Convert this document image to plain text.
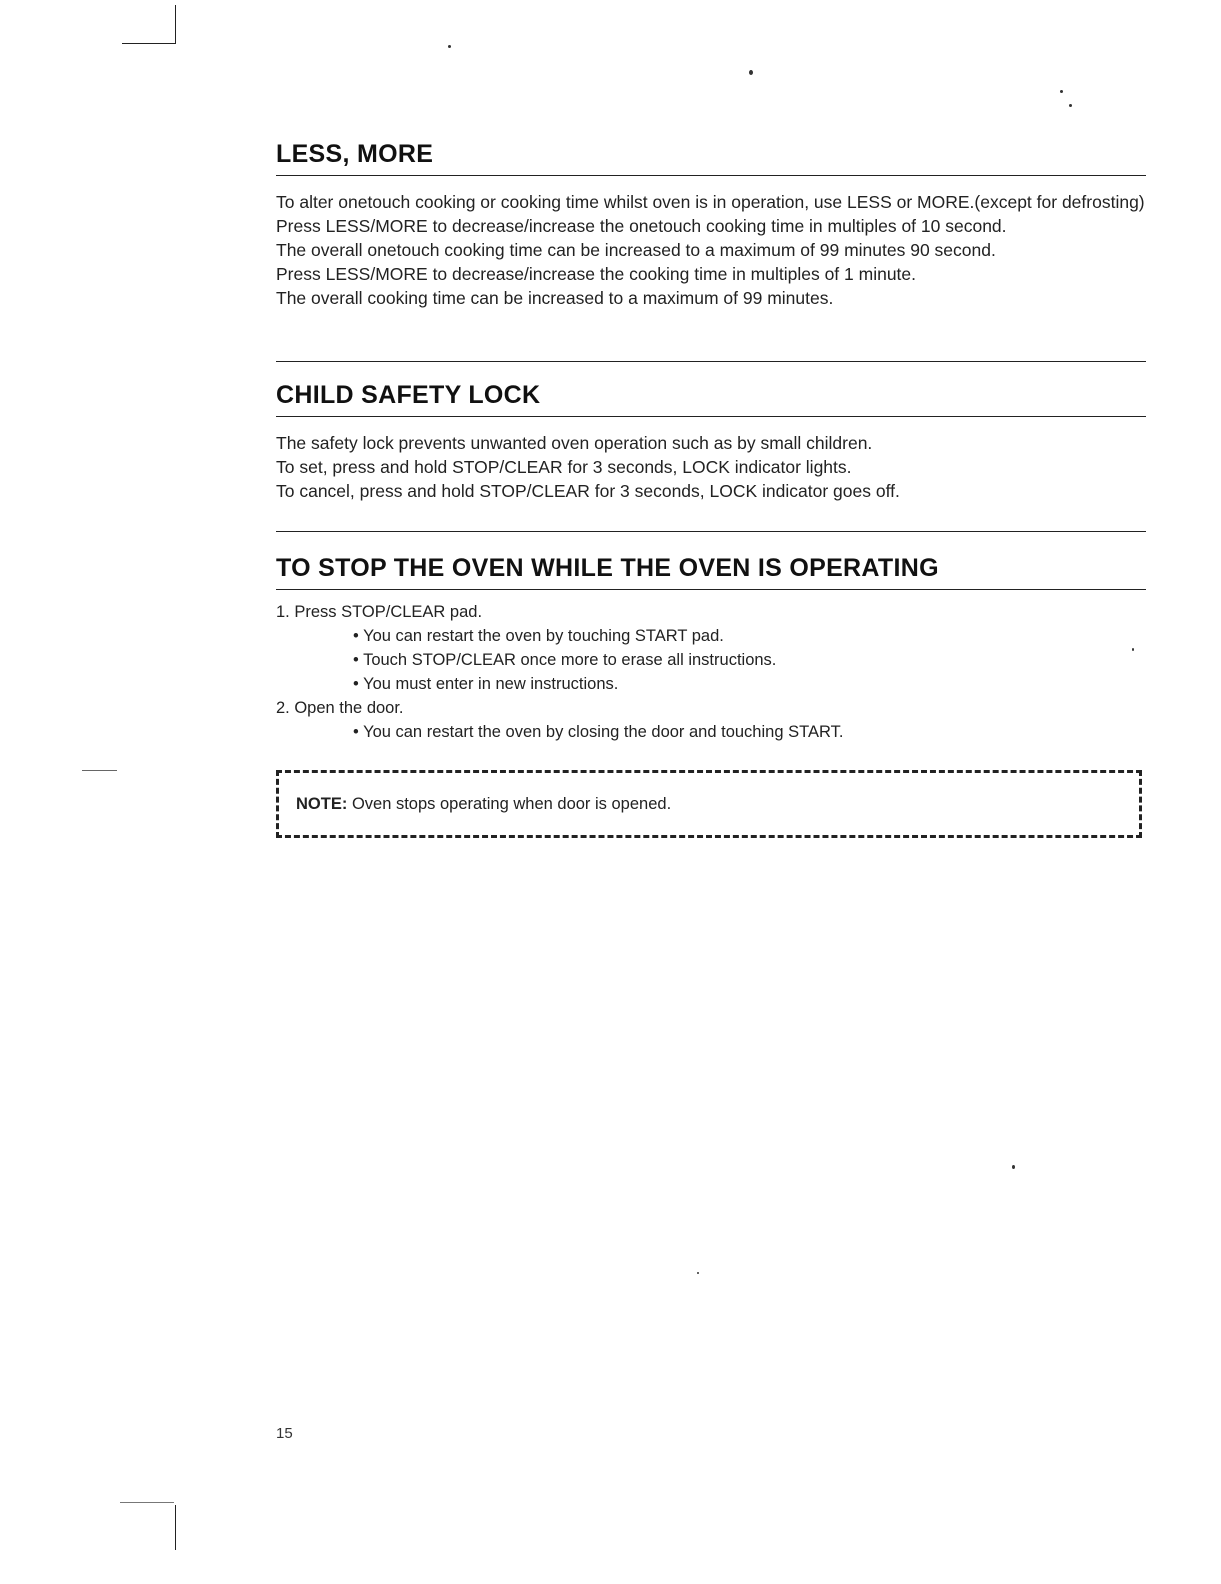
LESS, MORE

To alter onetouch cooking or cooking time whilst oven is in operation, use LESS or MORE.(except for defrosting) Press LESS/MORE to decrease/increase the onetouch cooking time in multiples of 10 second.

The overall onetouch cooking time can be increased to a maximum of 99 minutes 90 second.

Press LESS/MORE to decrease/increase the cooking time in multiples of 1 minute.

The overall cooking time can be increased to a maximum of 99 minutes.

CHILD SAFETY LOCK

The safety lock prevents unwanted oven operation such as by small children.

To set, press and hold STOP/CLEAR for 3 seconds, LOCK indicator lights.

To cancel, press and hold STOP/CLEAR for 3 seconds, LOCK indicator goes off.

TO STOP THE OVEN WHILE THE OVEN IS OPERATING

1. Press STOP/CLEAR pad.

• You can restart the oven by touching START pad.

• Touch STOP/CLEAR once more to erase all instructions.

• You must enter in new instructions.

2. Open the door.

• You can restart the oven by closing the door and touching START.

NOTE: Oven stops operating when door is opened.
15
